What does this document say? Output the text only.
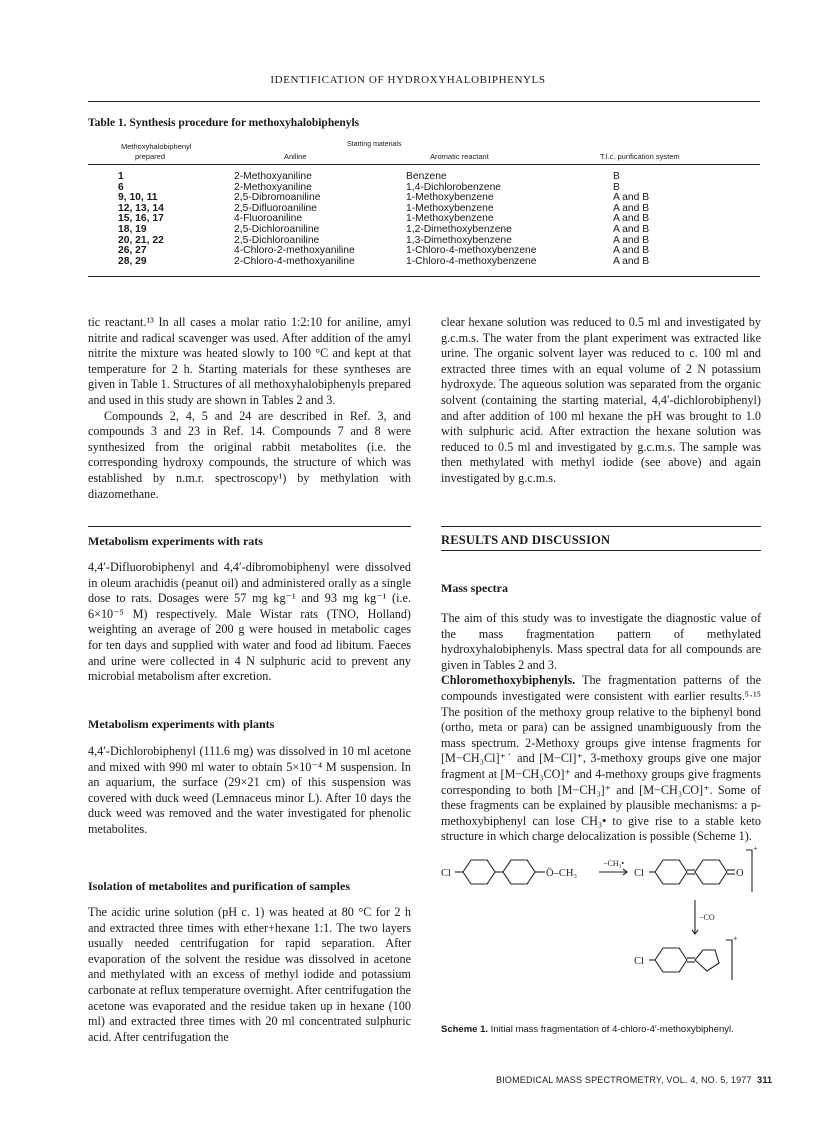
IDENTIFICATION OF HYDROXYHALOBIPHENYLS
Table 1. Synthesis procedure for methoxyhalobiphenyls
Starting materials
Methoxyhalobiphenyl
prepared	Aniline	Aromatic reactant	T.l.c. purification system
1	2-Methoxyaniline	Benzene	B
6	2-Methoxyaniline	1,4-Dichlorobenzene	B
9, 10, 11	2,5-Dibromoaniline	1-Methoxybenzene	A and B
12, 13, 14	2,5-Difluoroaniline	1-Methoxybenzene	A and B
15, 16, 17	4-Fluoroaniline	1-Methoxybenzene	A and B
18, 19	2,5-Dichloroaniline	1,2-Dimethoxybenzene	A and B
20, 21, 22	2,5-Dichloroaniline	1,3-Dimethoxybenzene	A and B
26, 27	4-Chloro-2-methoxyaniline	1-Chloro-4-methoxybenzene	A and B
28, 29	2-Chloro-4-methoxyaniline	1-Chloro-4-methoxybenzene	A and B

tic reactant.¹³ In all cases a molar ratio 1:2:10 for aniline, amyl nitrite and radical scavenger was used. After addition of the amyl nitrite the mixture was heated slowly to 100 °C and kept at that temperature for 2 h. Starting materials for these syntheses are given in Table 1. Structures of all methoxyhalobiphenyls prepared and used in this study are shown in Tables 2 and 3.

Compounds 2, 4, 5 and 24 are described in Ref. 3, and compounds 3 and 23 in Ref. 14. Compounds 7 and 8 were synthesized from the original rabbit metabolites (i.e. the corresponding hydroxy compounds, the structure of which was established by n.m.r. spectroscopy¹) by methylation with diazomethane.

Metabolism experiments with rats

4,4′-Difluorobiphenyl and 4,4′-dibromobiphenyl were dissolved in oleum arachidis (peanut oil) and administered orally as a single dose to rats. Dosages were 57 mg kg⁻¹ and 93 mg kg⁻¹ (i.e. 6×10⁻⁵ M) respectively. Male Wistar rats (TNO, Holland) weighting an average of 200 g were housed in metabolic cages for ten days and supplied with water and food ad libitum. Faeces and urine were collected in 4 N sulphuric acid to prevent any microbial metabolism after excretion.

Metabolism experiments with plants

4,4′-Dichlorobiphenyl (111.6 mg) was dissolved in 10 ml acetone and mixed with 990 ml water to obtain 5×10⁻⁴ M suspension. In an aquarium, the surface (29×21 cm) of this suspension was covered with duck weed (Lemnaceus minor L). After 10 days the duck weed was removed and the water investigated for phenolic metabolites.

Isolation of metabolites and purification of samples

The acidic urine solution (pH c. 1) was heated at 80 °C for 2 h and extracted three times with ether+hexane 1:1. The two layers usually needed centrifugation for rapid separation. After evaporation of the solvent the residue was dissolved in acetone and methylated with an excess of methyl iodide and potassium carbonate at reflux temperature overnight. After centrifugation the acetone was evaporated and the residue taken up in hexane (100 ml) and extracted three times with 20 ml concentrated sulphuric acid. After centrifugation the

clear hexane solution was reduced to 0.5 ml and investigated by g.c.m.s. The water from the plant experiment was extracted like urine. The organic solvent layer was reduced to c. 100 ml and extracted three times with an equal volume of 2 N potassium hydroxyde. The aqueous solution was separated from the organic solvent (containing the starting material, 4,4′-dichlorobiphenyl) and after addition of 100 ml hexane the pH was brought to 1.0 with sulphuric acid. After extraction the hexane solution was reduced to 0.5 ml and investigated by g.c.m.s. The sample was then methylated with methyl iodide (see above) and again investigated by g.c.m.s.

RESULTS AND DISCUSSION
Mass spectra

The aim of this study was to investigate the diagnostic value of the mass fragmentation pattern of methylated hydroxyhalobiphenyls. Mass spectral data for all compounds are given in Tables 2 and 3.

Chloromethoxybiphenyls. The fragmentation patterns of the compounds investigated were consistent with earlier results.⁵·¹⁵ The position of the methoxy group relative to the biphenyl bond (ortho, meta or para) can be assigned unambiguously from the mass spectrum. 2-Methoxy groups give intense fragments for [M−CH₃Cl]⁺˙ and [M−Cl]⁺, 3-methoxy groups give one major fragment at [M−CH₃CO]⁺ and 4-methoxy groups give fragments corresponding to both [M−CH₃]⁺ and [M−CH₃CO]⁺. Some of these fragments can be explained by plausible mechanisms: a p-methoxybiphenyl can lose CH₃• to give rise to a stable keto structure in which charge delocalization is possible (Scheme 1).

Cl	Ö–CH₃
−CH₃•
Cl	O
+
−CO
Cl
+
Scheme 1. Initial mass fragmentation of 4-chloro-4′-methoxybiphenyl.
BIOMEDICAL MASS SPECTROMETRY, VOL. 4, NO. 5, 1977 311
